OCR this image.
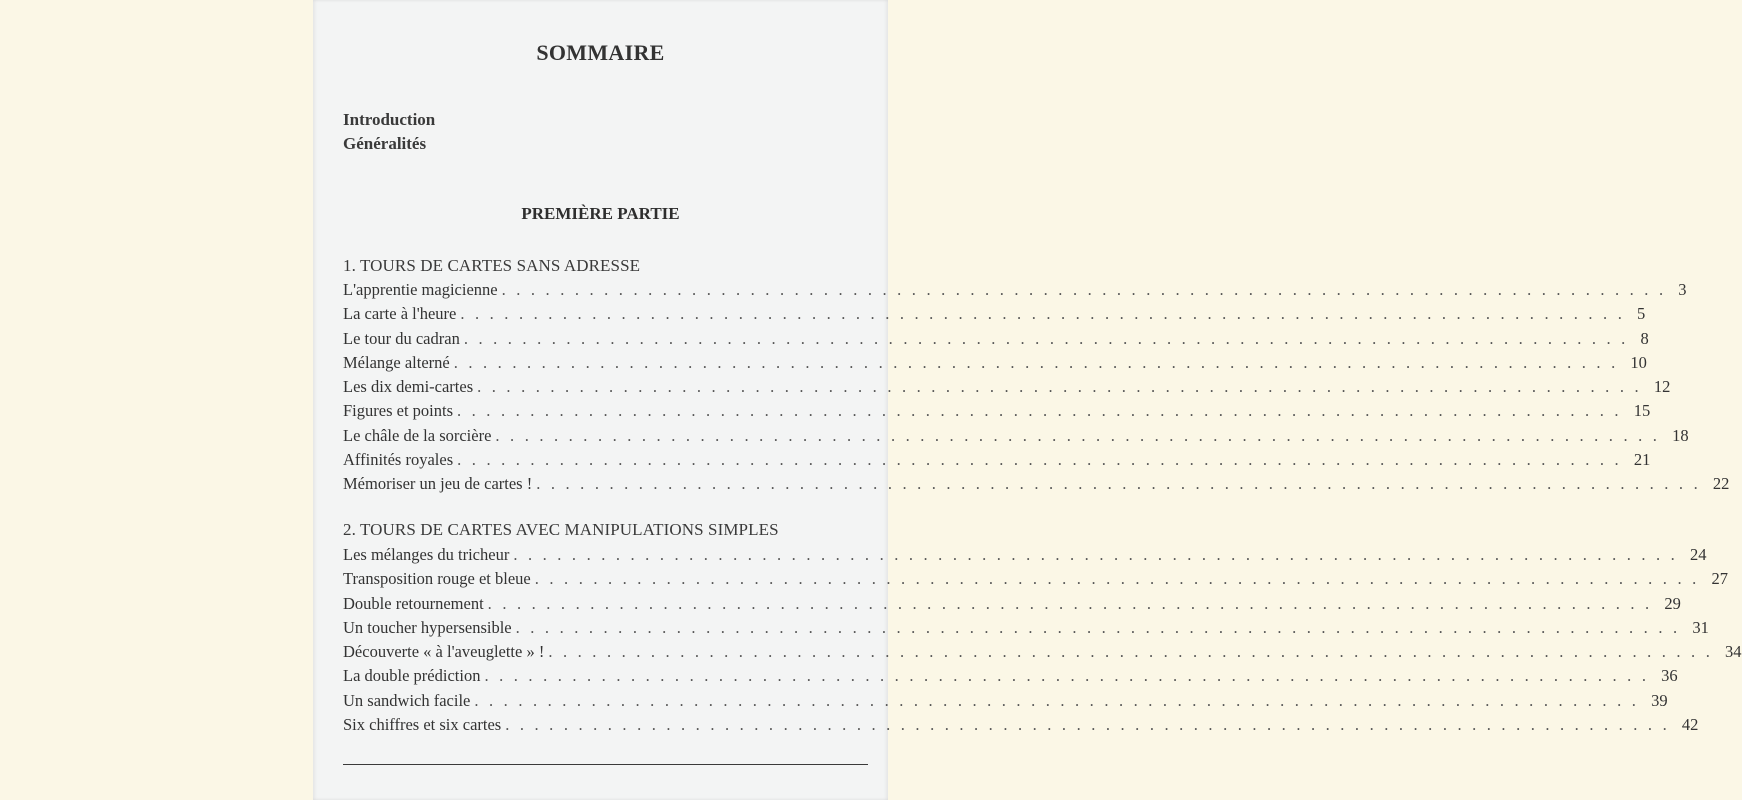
SOMMAIRE
Introduction
Généralités
PREMIÈRE PARTIE
1. TOURS DE CARTES SANS ADRESSE
L'apprentie magicienne . . . . . . . . . . . . . . . . . . . . . . . . . . . . . . . . . . . . . . . . . . . . . . . . . . . . . . . . . . . . . . . . . . . . . . . . . . . . . . . . 3
La carte à l'heure . . . . . . . . . . . . . . . . . . . . . . . . . . . . . . . . . . . . . . . . . . . . . . . . . . . . . . . . . . . . . . . . . . . . . . . . . . . . . . . . 5
Le tour du cadran . . . . . . . . . . . . . . . . . . . . . . . . . . . . . . . . . . . . . . . . . . . . . . . . . . . . . . . . . . . . . . . . . . . . . . . . . . . . . . . . 8
Mélange alterné . . . . . . . . . . . . . . . . . . . . . . . . . . . . . . . . . . . . . . . . . . . . . . . . . . . . . . . . . . . . . . . . . . . . . . . . . . . . . . . . 10
Les dix demi-cartes . . . . . . . . . . . . . . . . . . . . . . . . . . . . . . . . . . . . . . . . . . . . . . . . . . . . . . . . . . . . . . . . . . . . . . . . . . . . . . . . 12
Figures et points . . . . . . . . . . . . . . . . . . . . . . . . . . . . . . . . . . . . . . . . . . . . . . . . . . . . . . . . . . . . . . . . . . . . . . . . . . . . . . . . 15
Le châle de la sorcière . . . . . . . . . . . . . . . . . . . . . . . . . . . . . . . . . . . . . . . . . . . . . . . . . . . . . . . . . . . . . . . . . . . . . . . . . . . . . . . . 18
Affinités royales . . . . . . . . . . . . . . . . . . . . . . . . . . . . . . . . . . . . . . . . . . . . . . . . . . . . . . . . . . . . . . . . . . . . . . . . . . . . . . . . 21
Mémoriser un jeu de cartes ! . . . . . . . . . . . . . . . . . . . . . . . . . . . . . . . . . . . . . . . . . . . . . . . . . . . . . . . . . . . . . . . . . . . . . . . . . . . . . . . . 22
2. TOURS DE CARTES AVEC MANIPULATIONS SIMPLES
Les mélanges du tricheur . . . . . . . . . . . . . . . . . . . . . . . . . . . . . . . . . . . . . . . . . . . . . . . . . . . . . . . . . . . . . . . . . . . . . . . . . . . . . . . . 24
Transposition rouge et bleue . . . . . . . . . . . . . . . . . . . . . . . . . . . . . . . . . . . . . . . . . . . . . . . . . . . . . . . . . . . . . . . . . . . . . . . . . . . . . . . . 27
Double retournement . . . . . . . . . . . . . . . . . . . . . . . . . . . . . . . . . . . . . . . . . . . . . . . . . . . . . . . . . . . . . . . . . . . . . . . . . . . . . . . . 29
Un toucher hypersensible . . . . . . . . . . . . . . . . . . . . . . . . . . . . . . . . . . . . . . . . . . . . . . . . . . . . . . . . . . . . . . . . . . . . . . . . . . . . . . . . 31
Découverte « à l'aveuglette » ! . . . . . . . . . . . . . . . . . . . . . . . . . . . . . . . . . . . . . . . . . . . . . . . . . . . . . . . . . . . . . . . . . . . . . . . . . . . . . . . . 34
La double prédiction . . . . . . . . . . . . . . . . . . . . . . . . . . . . . . . . . . . . . . . . . . . . . . . . . . . . . . . . . . . . . . . . . . . . . . . . . . . . . . . . 36
Un sandwich facile . . . . . . . . . . . . . . . . . . . . . . . . . . . . . . . . . . . . . . . . . . . . . . . . . . . . . . . . . . . . . . . . . . . . . . . . . . . . . . . . 39
Six chiffres et six cartes . . . . . . . . . . . . . . . . . . . . . . . . . . . . . . . . . . . . . . . . . . . . . . . . . . . . . . . . . . . . . . . . . . . . . . . . . . . . . . . . 42
